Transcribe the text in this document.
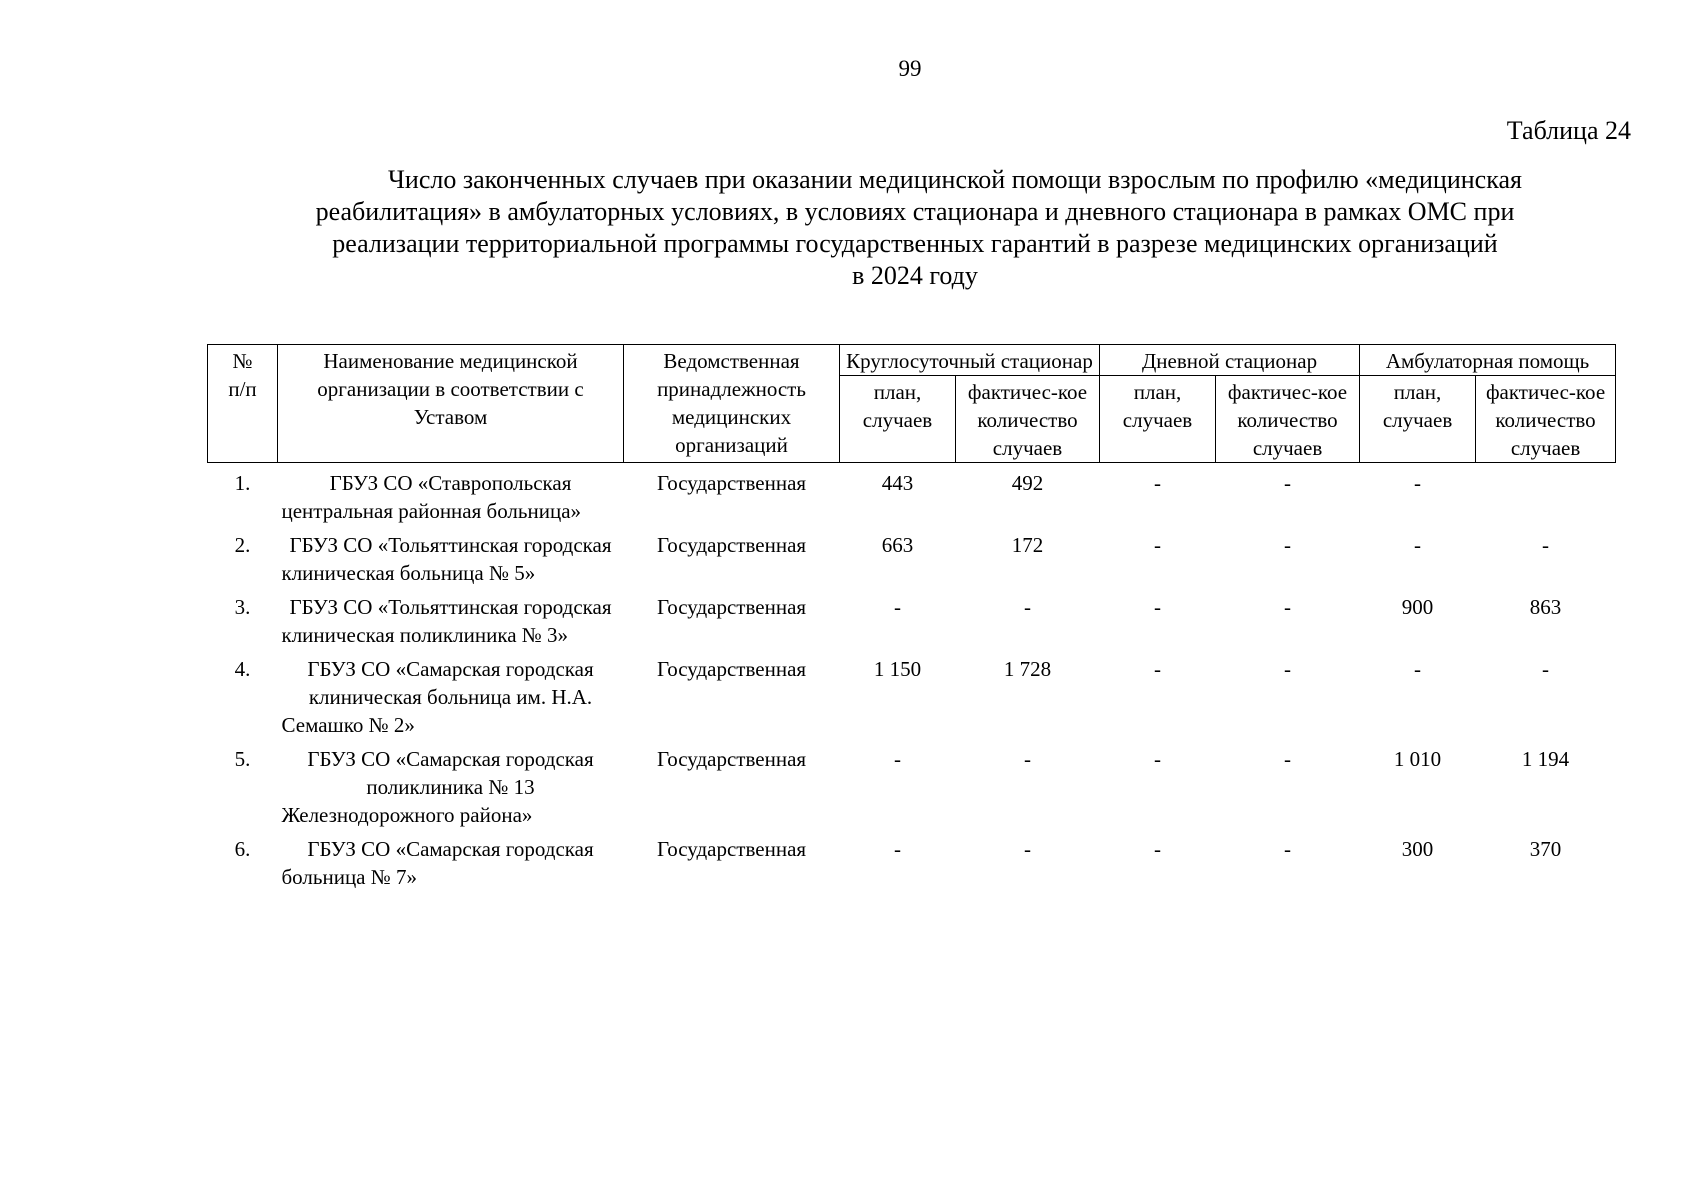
99
Таблица 24
Число законченных случаев при оказании медицинской помощи взрослым по профилю «медицинская
реабилитация» в амбулаторных условиях, в условиях стационара и дневного стационара в рамках ОМС при
реализации территориальной программы государственных гарантий в разрезе медицинских организаций
в 2024 году
№
п/п	Наименование медицинской организации в соответствии с Уставом	Ведомственная принадлежность медицинских организаций	Круглосуточный стационар		Дневной стационар		Амбулаторная помощь	
			план, случаев	фактичес-кое количество случаев	план, случаев	фактичес-кое количество случаев	план, случаев	фактичес-кое количество случаев
1.	ГБУЗ СО «Ставропольская центральная районная больница»	Государственная	443	492	-	-	-	
2.	ГБУЗ СО «Тольяттинская городская клиническая больница № 5»	Государственная	663	172	-	-	-	-
3.	ГБУЗ СО «Тольяттинская городская клиническая поликлиника № 3»	Государственная	-	-	-	-	900	863
4.	ГБУЗ СО «Самарская городская клиническая больница им. Н.А. Семашко № 2»	Государственная	1 150	1 728	-	-	-	-
5.	ГБУЗ СО «Самарская городская поликлиника № 13 Железнодорожного района»	Государственная	-	-	-	-	1 010	1 194
6.	ГБУЗ СО «Самарская городская больница № 7»	Государственная	-	-	-	-	300	370
